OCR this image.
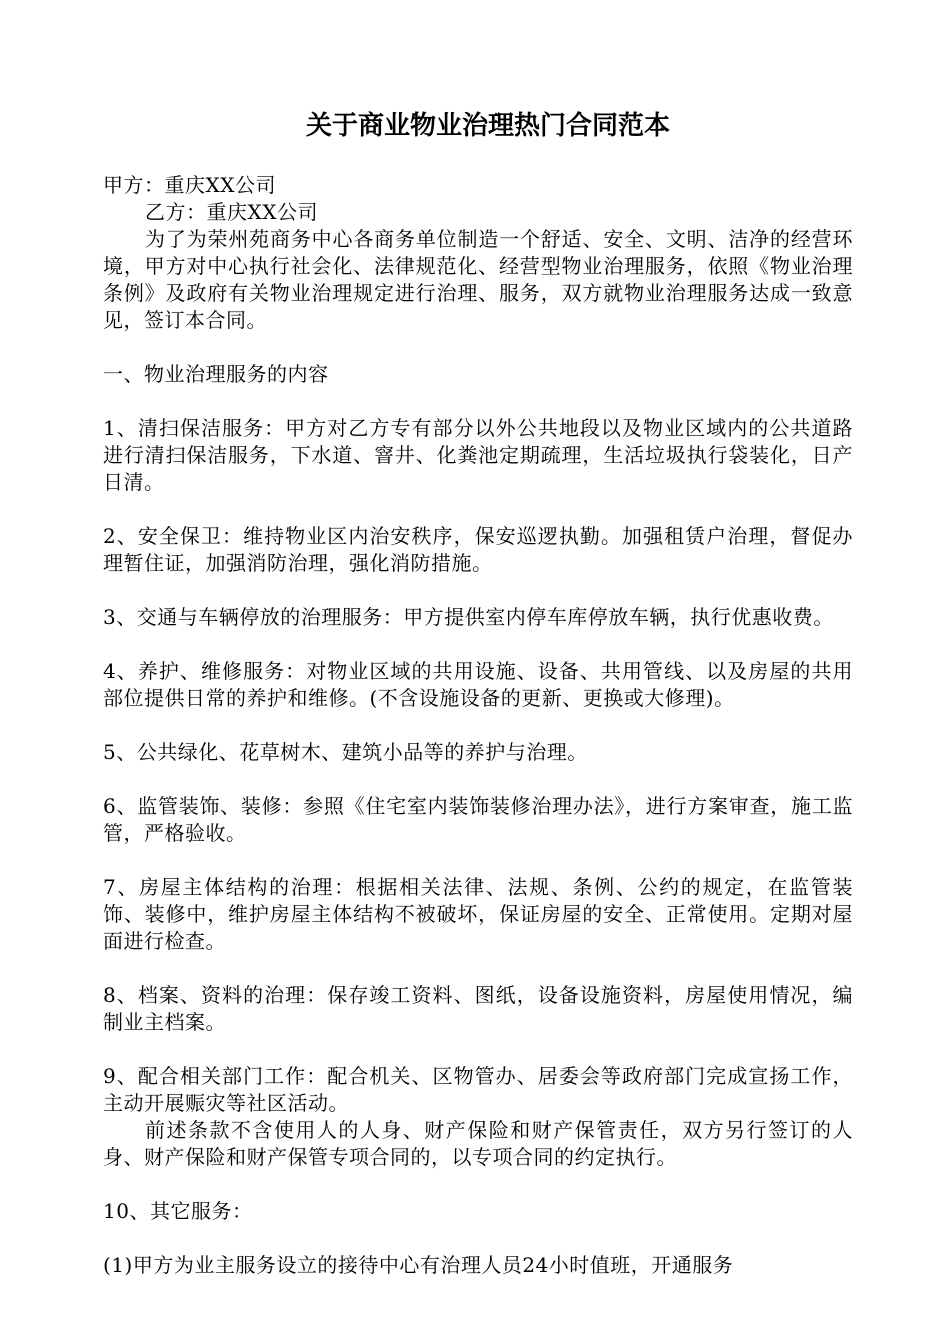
关于商业物业治理热门合同范本

甲方：重庆XX公司

乙方：重庆XX公司

为了为荣州苑商务中心各商务单位制造一个舒适、安全、文明、洁净的经营环境，甲方对中心执行社会化、法律规范化、经营型物业治理服务，依照《物业治理条例》及政府有关物业治理规定进行治理、服务，双方就物业治理服务达成一致意见，签订本合同。

一、物业治理服务的内容

1、清扫保洁服务：甲方对乙方专有部分以外公共地段以及物业区域内的公共道路进行清扫保洁服务，下水道、窨井、化粪池定期疏理，生活垃圾执行袋装化，日产日清。

2、安全保卫：维持物业区内治安秩序，保安巡逻执勤。加强租赁户治理，督促办理暂住证，加强消防治理，强化消防措施。

3、交通与车辆停放的治理服务：甲方提供室内停车库停放车辆，执行优惠收费。

4、养护、维修服务：对物业区域的共用设施、设备、共用管线、以及房屋的共用部位提供日常的养护和维修。(不含设施设备的更新、更换或大修理)。

5、公共绿化、花草树木、建筑小品等的养护与治理。

6、监管装饰、装修：参照《住宅室内装饰装修治理办法》，进行方案审查，施工监管，严格验收。

7、房屋主体结构的治理：根据相关法律、法规、条例、公约的规定，在监管装饰、装修中，维护房屋主体结构不被破坏，保证房屋的安全、正常使用。定期对屋面进行检查。

8、档案、资料的治理：保存竣工资料、图纸，设备设施资料，房屋使用情况，编制业主档案。

9、配合相关部门工作：配合机关、区物管办、居委会等政府部门完成宣扬工作，主动开展赈灾等社区活动。

前述条款不含使用人的人身、财产保险和财产保管责任，双方另行签订的人身、财产保险和财产保管专项合同的，以专项合同的约定执行。

10、其它服务：

(1)甲方为业主服务设立的接待中心有治理人员24小时值班，开通服务
